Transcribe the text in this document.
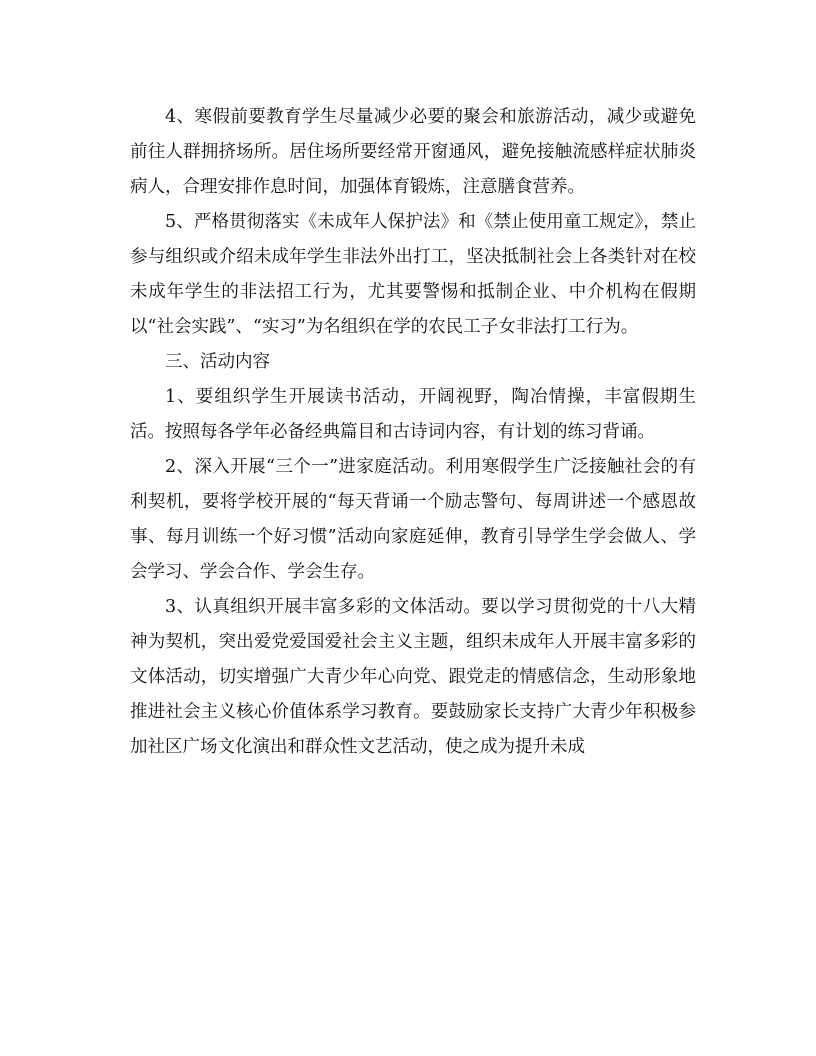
4、寒假前要教育学生尽量减少必要的聚会和旅游活动，减少或避免前往人群拥挤场所。居住场所要经常开窗通风，避免接触流感样症状肺炎病人，合理安排作息时间，加强体育锻炼，注意膳食营养。

5、严格贯彻落实《未成年人保护法》和《禁止使用童工规定》，禁止参与组织或介绍未成年学生非法外出打工，坚决抵制社会上各类针对在校未成年学生的非法招工行为，尤其要警惕和抵制企业、中介机构在假期以“社会实践”、“实习”为名组织在学的农民工子女非法打工行为。

三、活动内容

1、要组织学生开展读书活动，开阔视野，陶冶情操，丰富假期生活。按照每各学年必备经典篇目和古诗词内容，有计划的练习背诵。

2、深入开展“三个一”进家庭活动。利用寒假学生广泛接触社会的有利契机，要将学校开展的“每天背诵一个励志警句、每周讲述一个感恩故事、每月训练一个好习惯”活动向家庭延伸，教育引导学生学会做人、学会学习、学会合作、学会生存。

3、认真组织开展丰富多彩的文体活动。要以学习贯彻党的十八大精神为契机，突出爱党爱国爱社会主义主题，组织未成年人开展丰富多彩的文体活动，切实增强广大青少年心向党、跟党走的情感信念，生动形象地推进社会主义核心价值体系学习教育。要鼓励家长支持广大青少年积极参加社区广场文化演出和群众性文艺活动，使之成为提升未成
